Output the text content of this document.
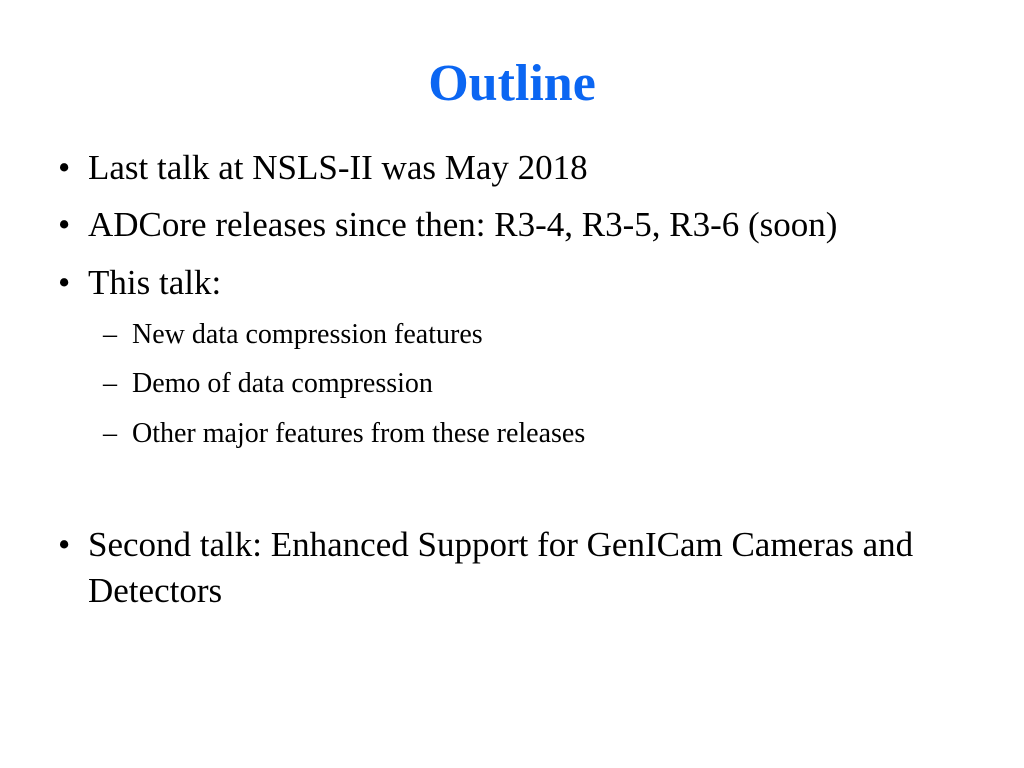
Outline
• Last talk at NSLS-II was May 2018
• ADCore releases since then: R3-4, R3-5, R3-6 (soon)
• This talk:
– New data compression features
– Demo of data compression
– Other major features from these releases
• Second talk: Enhanced Support for GenICam Cameras and Detectors
